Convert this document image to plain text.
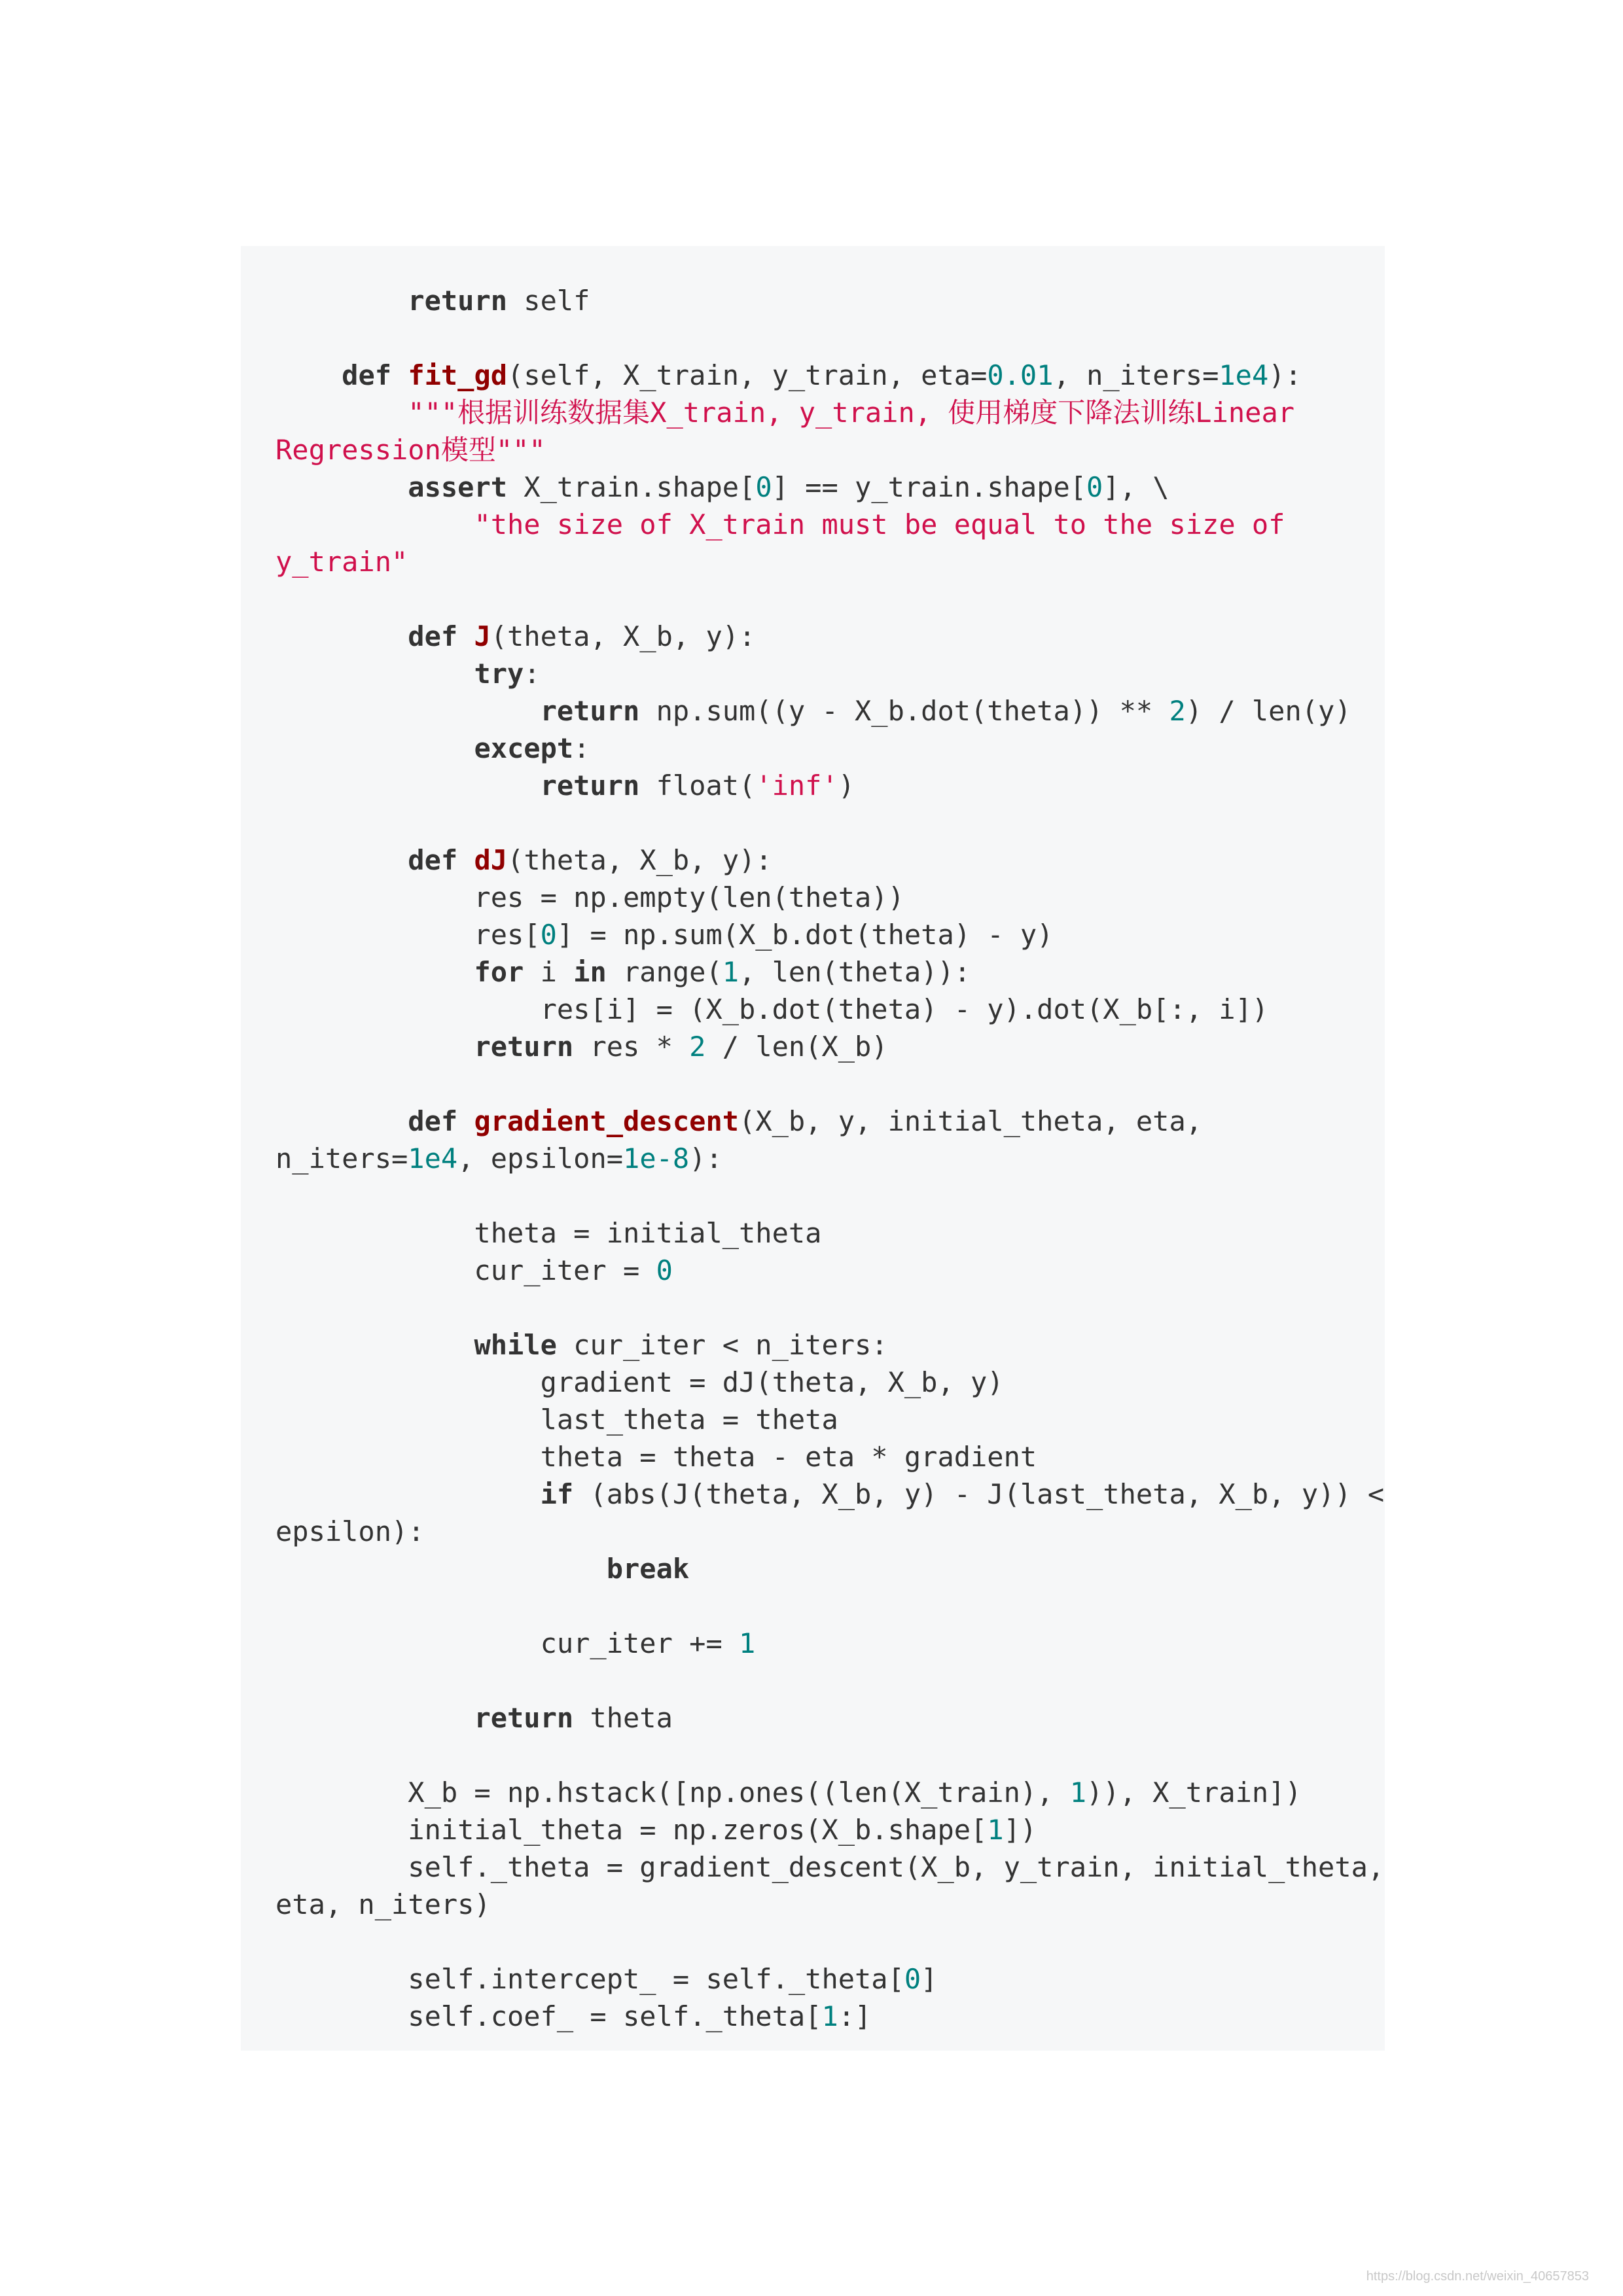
return self
def fit_gd(self, X_train, y_train, eta=0.01, n_iters=1e4):
"""根据训练数据集X_train, y_train, 使用梯度下降法训练Linear
Regression模型"""
assert X_train.shape[0] == y_train.shape[0], \
"the size of X_train must be equal to the size of
y_train"
def J(theta, X_b, y):
try:
return np.sum((y - X_b.dot(theta)) ** 2) / len(y)
except:
return float('inf')
def dJ(theta, X_b, y):
res = np.empty(len(theta))
res[0] = np.sum(X_b.dot(theta) - y)
for i in range(1, len(theta)):
res[i] = (X_b.dot(theta) - y).dot(X_b[:, i])
return res * 2 / len(X_b)
def gradient_descent(X_b, y, initial_theta, eta,
n_iters=1e4, epsilon=1e-8):
theta = initial_theta
cur_iter = 0
while cur_iter < n_iters:
gradient = dJ(theta, X_b, y)
last_theta = theta
theta = theta - eta * gradient
if (abs(J(theta, X_b, y) - J(last_theta, X_b, y)) <
epsilon):
break
cur_iter += 1
return theta
X_b = np.hstack([np.ones((len(X_train), 1)), X_train])
initial_theta = np.zeros(X_b.shape[1])
self._theta = gradient_descent(X_b, y_train, initial_theta,
eta, n_iters)
self.intercept_ = self._theta[0]
self.coef_ = self._theta[1:]
https://blog.csdn.net/weixin_40657853
